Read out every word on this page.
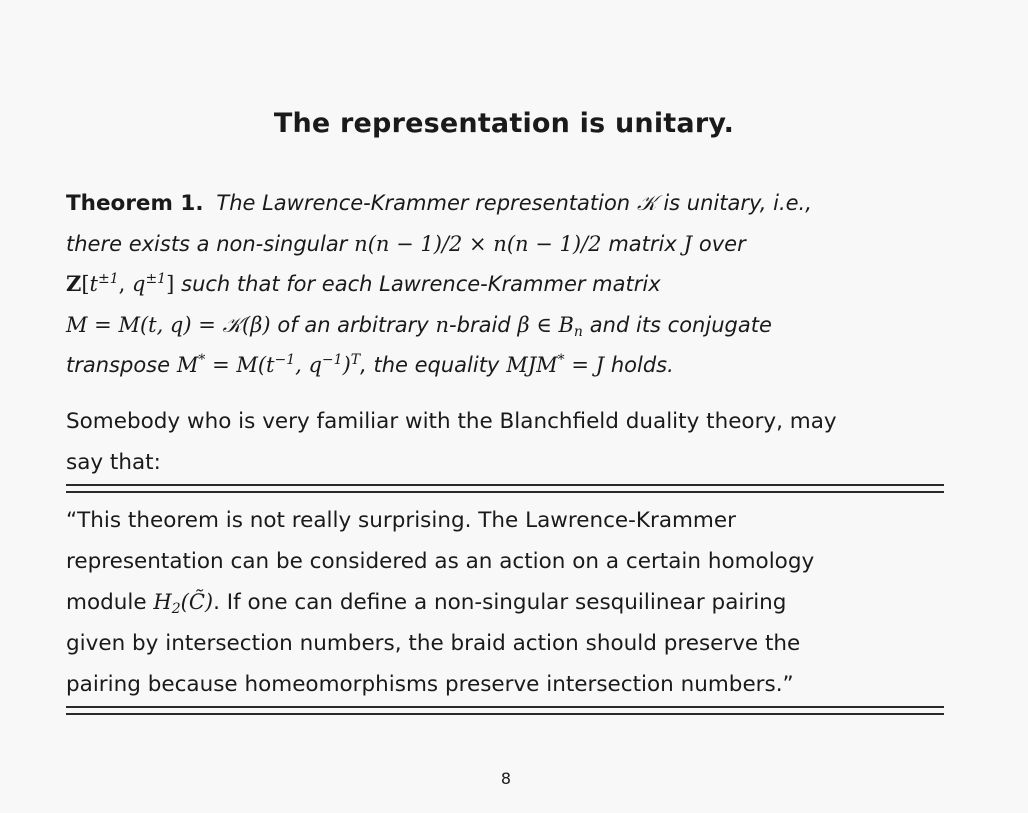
The representation is unitary.
Theorem 1. The Lawrence-Krammer representation 𝒦 is unitary, i.e.,
there exists a non-singular n(n − 1)/2 × n(n − 1)/2 matrix J over
$Z[t^{\pm 1}$, $q^{\pm 1}$] such that for each Lawrence-Krammer matrix
M = M(t, q) = 𝒦(β) of an arbitrary n-braid β ∈ $B_n$ and its conjugate
transpose $M^* = M(t^{-1}$, $q^{-1})^T$, the equality MJM* = J holds.
Somebody who is very familiar with the Blanchfield duality theory, may
say that:
“This theorem is not really surprising. The Lawrence-Krammer
representation can be considered as an action on a certain homology
module $H_2(C̃)$. If one can define a non-singular sesquilinear pairing
given by intersection numbers, the braid action should preserve the
pairing because homeomorphisms preserve intersection numbers.”
8
